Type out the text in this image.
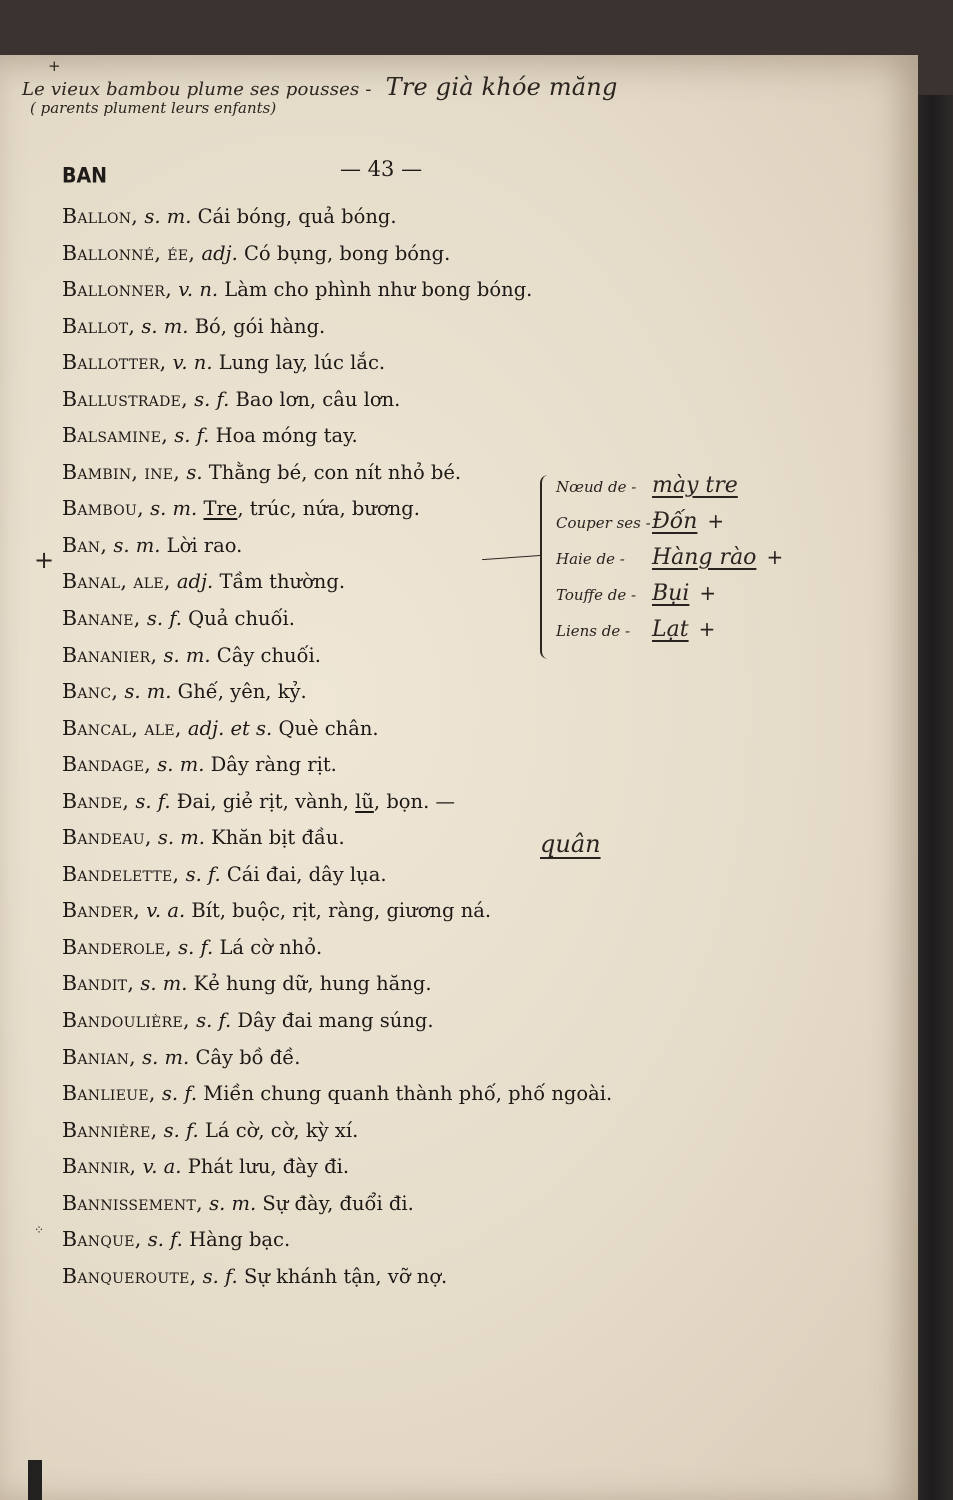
+
Le vieux bambou plume ses pousses - Tre già khóe măng
( parents plument leurs enfants)
BAN	— 43 —
Ballon, s. m. Cái bóng, quả bóng.
Ballonné, ée, adj. Có bụng, bong bóng.
Ballonner, v. n. Làm cho phình như bong bóng.
Ballot, s. m. Bó, gói hàng.
Ballotter, v. n. Lung lay, lúc lắc.
Ballustrade, s. f. Bao lơn, câu lơn.
Balsamine, s. f. Hoa móng tay.
Bambin, ine, s. Thằng bé, con nít nhỏ bé.
Bambou, s. m. Tre, trúc, nứa, bương.
Ban, s. m. Lời rao.
Banal, ale, adj. Tầm thường.
Banane, s. f. Quả chuối.
Bananier, s. m. Cây chuối.
Banc, s. m. Ghế, yên, kỷ.
Bancal, ale, adj. et s. Què chân.
Bandage, s. m. Dây ràng rịt.
Bande, s. f. Đai, giẻ rịt, vành, lũ, bọn. —
Bandeau, s. m. Khăn bịt đầu.
Bandelette, s. f. Cái đai, dây lụa.
Bander, v. a. Bít, buộc, rịt, ràng, giương ná.
Banderole, s. f. Lá cờ nhỏ.
Bandit, s. m. Kẻ hung dữ, hung hăng.
Bandoulière, s. f. Dây đai mang súng.
Banian, s. m. Cây bồ đề.
Banlieue, s. f. Miền chung quanh thành phố, phố ngoài.
Bannière, s. f. Lá cờ, cờ, kỳ xí.
Bannir, v. a. Phát lưu, đày đi.
Bannissement, s. m. Sự đày, đuổi đi.
Banque, s. f. Hàng bạc.
Banqueroute, s. f. Sự khánh tận, vỡ nợ.
+
⁘
Nœud de - mày tre
Couper ses -Đốn +
Haie de - Hàng rào +
Touffe de - Bụi +
Liens de - Lạt +
quân
